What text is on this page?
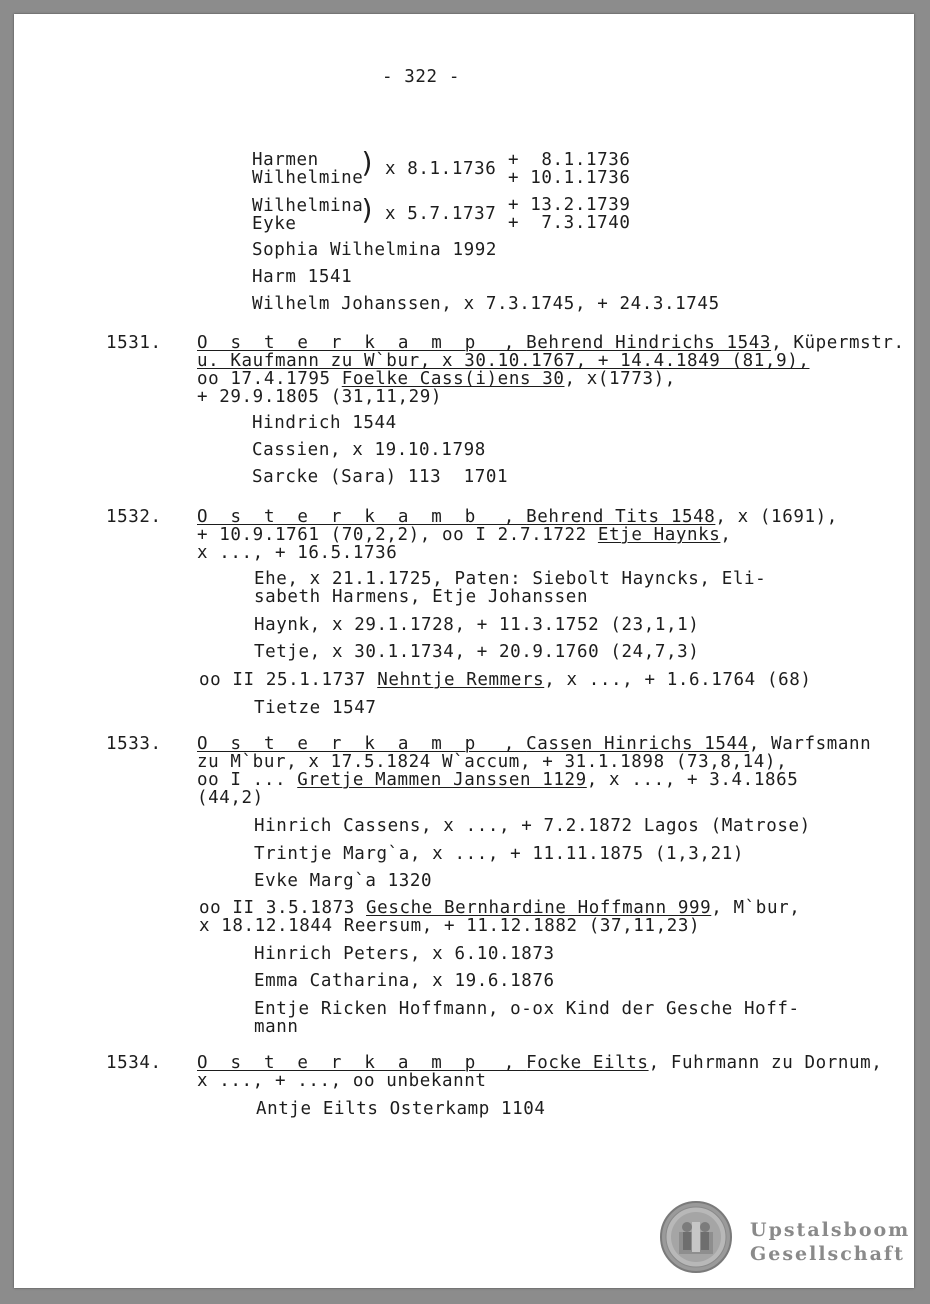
- 322 -
Harmen
Wilhelmine
) x 8.1.1736 +  8.1.1736
+ 10.1.1736
Wilhelmina
Eyke ) x 5.7.1737 + 13.2.1739
+  7.3.1740
Sophia Wilhelmina 1992
Harm 1541
Wilhelm Johanssen, x 7.3.1745, + 24.3.1745
1531. O s t e r k a m p  , Behrend Hindrichs 1543, Küpermstr.
u. Kaufmann zu W`bur, x 30.10.1767, + 14.4.1849 (81,9),
oo 17.4.1795 Foelke Cass(i)ens 30, x(1773),
+ 29.9.1805 (31,11,29)
Hindrich 1544
Cassien, x 19.10.1798
Sarcke (Sara) 113  1701
1532. O s t e r k a m b  , Behrend Tits 1548, x (1691),
+ 10.9.1761 (70,2,2), oo I 2.7.1722 Etje Haynks,
x ..., + 16.5.1736
Ehe, x 21.1.1725, Paten: Siebolt Hayncks, Eli-
sabeth Harmens, Etje Johanssen
Haynk, x 29.1.1728, + 11.3.1752 (23,1,1)
Tetje, x 30.1.1734, + 20.9.1760 (24,7,3)
oo II 25.1.1737 Nehntje Remmers, x ..., + 1.6.1764 (68)
Tietze 1547
1533. O s t e r k a m p  , Cassen Hinrichs 1544, Warfsmann
zu M`bur, x 17.5.1824 W`accum, + 31.1.1898 (73,8,14),
oo I ... Gretje Mammen Janssen 1129, x ..., + 3.4.1865
(44,2)
Hinrich Cassens, x ..., + 7.2.1872 Lagos (Matrose)
Trintje Marg`a, x ..., + 11.11.1875 (1,3,21)
Evke Marg`a 1320
oo II 3.5.1873 Gesche Bernhardine Hoffmann 999, M`bur,
x 18.12.1844 Reersum, + 11.12.1882 (37,11,23)
Hinrich Peters, x 6.10.1873
Emma Catharina, x 19.6.1876
Entje Ricken Hoffmann, o-ox Kind der Gesche Hoff-
mann
1534. O s t e r k a m p  , Focke Eilts, Fuhrmann zu Dornum,
x ..., + ..., oo unbekannt
Antje Eilts Osterkamp 1104
Upstalsboom
Gesellschaft
